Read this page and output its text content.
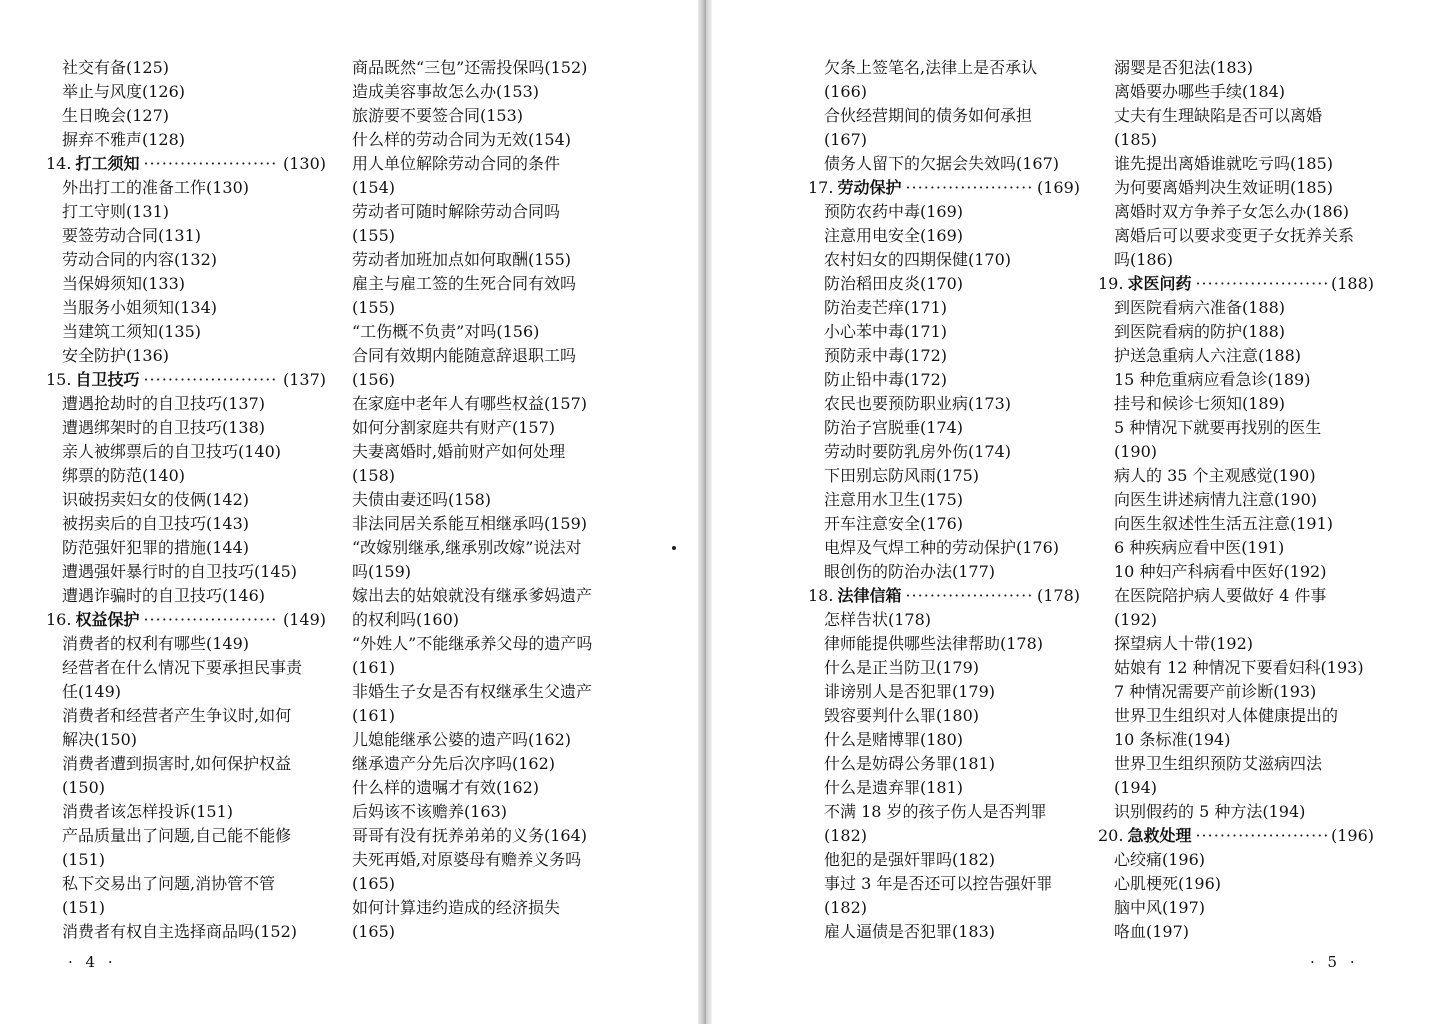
社交有备(125)
举止与风度(126)
生日晚会(127)
摒弃不雅声(128)
14. 打工须知 ·····	(130)
外出打工的准备工作(130)
打工守则(131)
要签劳动合同(131)
劳动合同的内容(132)
当保姆须知(133)
当服务小姐须知(134)
当建筑工须知(135)
安全防护(136)
15. 自卫技巧 ·····	(137)
遭遇抢劫时的自卫技巧(137)
遭遇绑架时的自卫技巧(138)
亲人被绑票后的自卫技巧(140)
绑票的防范(140)
识破拐卖妇女的伎俩(142)
被拐卖后的自卫技巧(143)
防范强奸犯罪的措施(144)
遭遇强奸暴行时的自卫技巧(145)
遭遇诈骗时的自卫技巧(146)
16. 权益保护 ·····	(149)
消费者的权利有哪些(149)
经营者在什么情况下要承担民事责
任(149)
消费者和经营者产生争议时,如何
解决(150)
消费者遭到损害时,如何保护权益
(150)
消费者该怎样投诉(151)
产品质量出了问题,自己能不能修
(151)
私下交易出了问题,消协管不管
(151)
消费者有权自主选择商品吗(152)
商品既然“三包”还需投保吗(152)
造成美容事故怎么办(153)
旅游要不要签合同(153)
什么样的劳动合同为无效(154)
用人单位解除劳动合同的条件
(154)
劳动者可随时解除劳动合同吗
(155)
劳动者加班加点如何取酬(155)
雇主与雇工签的生死合同有效吗
(155)
“工伤概不负责”对吗(156)
合同有效期内能随意辞退职工吗
(156)
在家庭中老年人有哪些权益(157)
如何分割家庭共有财产(157)
夫妻离婚时,婚前财产如何处理
(158)
夫债由妻还吗(158)
非法同居关系能互相继承吗(159)
“改嫁别继承,继承别改嫁”说法对
吗(159)
嫁出去的姑娘就没有继承爹妈遗产
的权利吗(160)
“外姓人”不能继承养父母的遗产吗
(161)
非婚生子女是否有权继承生父遗产
(161)
儿媳能继承公婆的遗产吗(162)
继承遗产分先后次序吗(162)
什么样的遗嘱才有效(162)
后妈该不该赡养(163)
哥哥有没有抚养弟弟的义务(164)
夫死再婚,对原婆母有赡养义务吗
(165)
如何计算违约造成的经济损失
(165)
· 4 ·
欠条上签笔名,法律上是否承认
(166)
合伙经营期间的债务如何承担
(167)
债务人留下的欠据会失效吗(167)
17. 劳动保护 ·····	(169)
预防农药中毒(169)
注意用电安全(169)
农村妇女的四期保健(170)
防治稻田皮炎(170)
防治麦芒痒(171)
小心苯中毒(171)
预防汞中毒(172)
防止铅中毒(172)
农民也要预防职业病(173)
防治子宫脱垂(174)
劳动时要防乳房外伤(174)
下田别忘防风雨(175)
注意用水卫生(175)
开车注意安全(176)
电焊及气焊工种的劳动保护(176)
眼创伤的防治办法(177)
18. 法律信箱 ·····	(178)
怎样告状(178)
律师能提供哪些法律帮助(178)
什么是正当防卫(179)
诽谤别人是否犯罪(179)
毁容要判什么罪(180)
什么是赌博罪(180)
什么是妨碍公务罪(181)
什么是遗弃罪(181)
不满 18 岁的孩子伤人是否判罪
(182)
他犯的是强奸罪吗(182)
事过 3 年是否还可以控告强奸罪
(182)
雇人逼债是否犯罪(183)
溺婴是否犯法(183)
离婚要办哪些手续(184)
丈夫有生理缺陷是否可以离婚
(185)
谁先提出离婚谁就吃亏吗(185)
为何要离婚判决生效证明(185)
离婚时双方争养子女怎么办(186)
离婚后可以要求变更子女抚养关系
吗(186)
19. 求医问药 ·····	(188)
到医院看病六准备(188)
到医院看病的防护(188)
护送急重病人六注意(188)
15 种危重病应看急诊(189)
挂号和候诊七须知(189)
5 种情况下就要再找别的医生
(190)
病人的 35 个主观感觉(190)
向医生讲述病情九注意(190)
向医生叙述性生活五注意(191)
6 种疾病应看中医(191)
10 种妇产科病看中医好(192)
在医院陪护病人要做好 4 件事
(192)
探望病人十带(192)
姑娘有 12 种情况下要看妇科(193)
7 种情况需要产前诊断(193)
世界卫生组织对人体健康提出的
10 条标准(194)
世界卫生组织预防艾滋病四法
(194)
识别假药的 5 种方法(194)
20. 急救处理 ·····	(196)
心绞痛(196)
心肌梗死(196)
脑中风(197)
咯血(197)
· 5 ·
